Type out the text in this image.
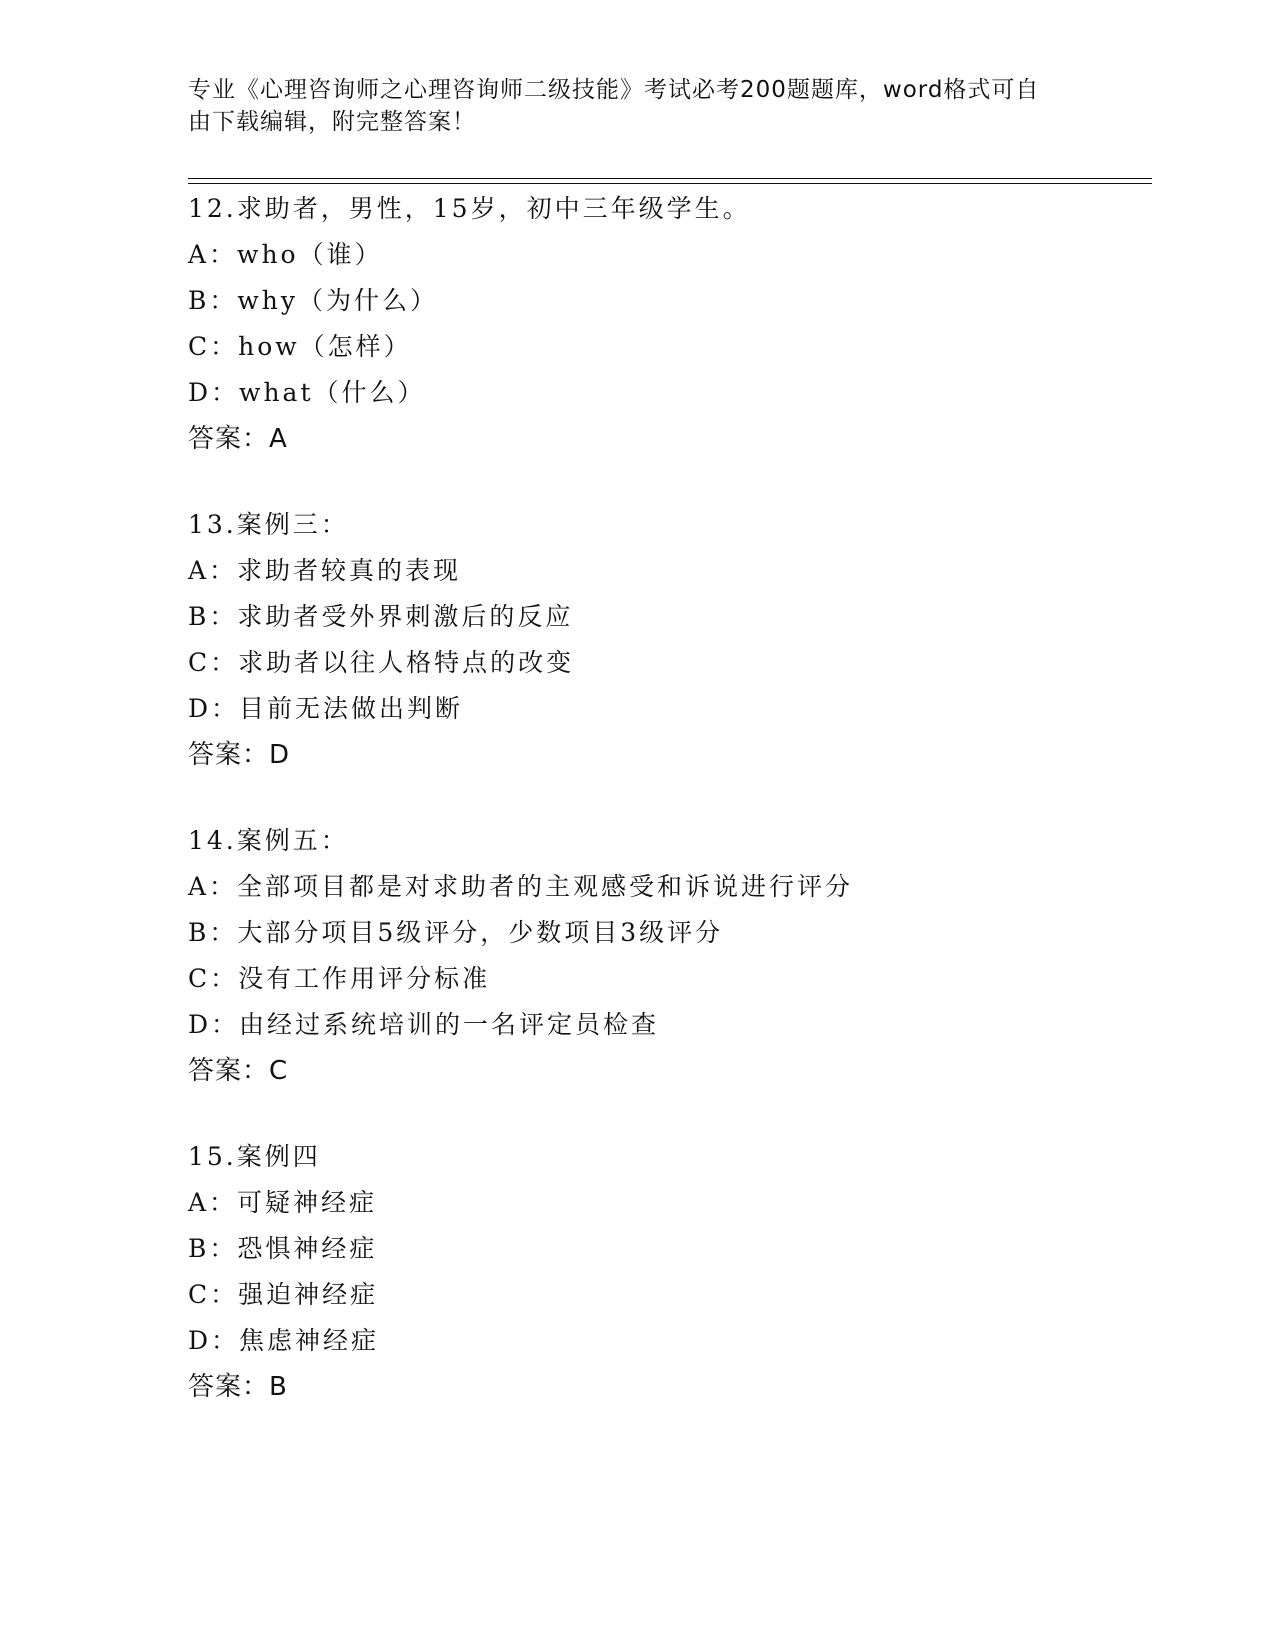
专业《心理咨询师之心理咨询师二级技能》考试必考200题题库，word格式可自
由下载编辑，附完整答案！
12.求助者，男性，15岁，初中三年级学生。
A：who（谁）
B：why（为什么）
C：how（怎样）
D：what（什么）
答案：A
13.案例三：
A：求助者较真的表现
B：求助者受外界刺激后的反应
C：求助者以往人格特点的改变
D：目前无法做出判断
答案：D
14.案例五：
A：全部项目都是对求助者的主观感受和诉说进行评分
B：大部分项目5级评分，少数项目3级评分
C：没有工作用评分标准
D：由经过系统培训的一名评定员检查
答案：C
15.案例四
A：可疑神经症
B：恐惧神经症
C：强迫神经症
D：焦虑神经症
答案：B
